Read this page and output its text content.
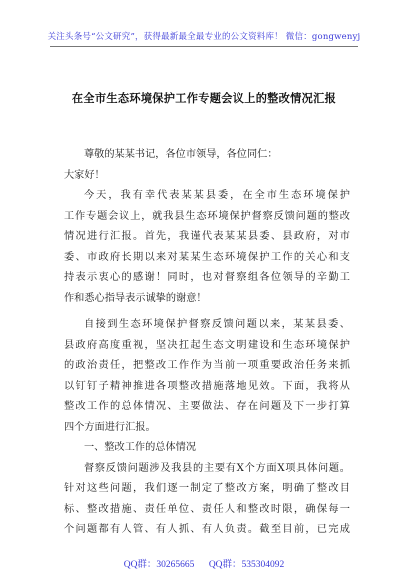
关注头条号“公文研究”，获得最新最全最专业的公文资料库！ 微信：gongwenyj
在全市生态环境保护工作专题会议上的整改情况汇报
尊敬的某某书记，各位市领导，各位同仁：
大家好！
今天，我有幸代表某某县委，在全市生态环境保护
工作专题会议上，就我县生态环境保护督察反馈问题的整改
情况进行汇报。首先，我谨代表某某县委、县政府，对市
委、市政府长期以来对某某生态环境保护工作的关心和支
持表示衷心的感谢！同时，也对督察组各位领导的辛勤工
作和悉心指导表示诚挚的谢意！
自接到生态环境保护督察反馈问题以来，某某县委、
县政府高度重视，坚决扛起生态文明建设和生态环境保护
的政治责任，把整改工作作为当前一项重要政治任务来抓
以钉钉子精神推进各项整改措施落地见效。下面，我将从
整改工作的总体情况、主要做法、存在问题及下一步打算
四个方面进行汇报。
一、整改工作的总体情况
督察反馈问题涉及我县的主要有X个方面X项具体问题。
针对这些问题，我们逐一制定了整改方案，明确了整改目
标、整改措施、责任单位、责任人和整改时限，确保每一
个问题都有人管、有人抓、有人负责。截至目前，已完成
QQ群：30265665 QQ群：535304092
